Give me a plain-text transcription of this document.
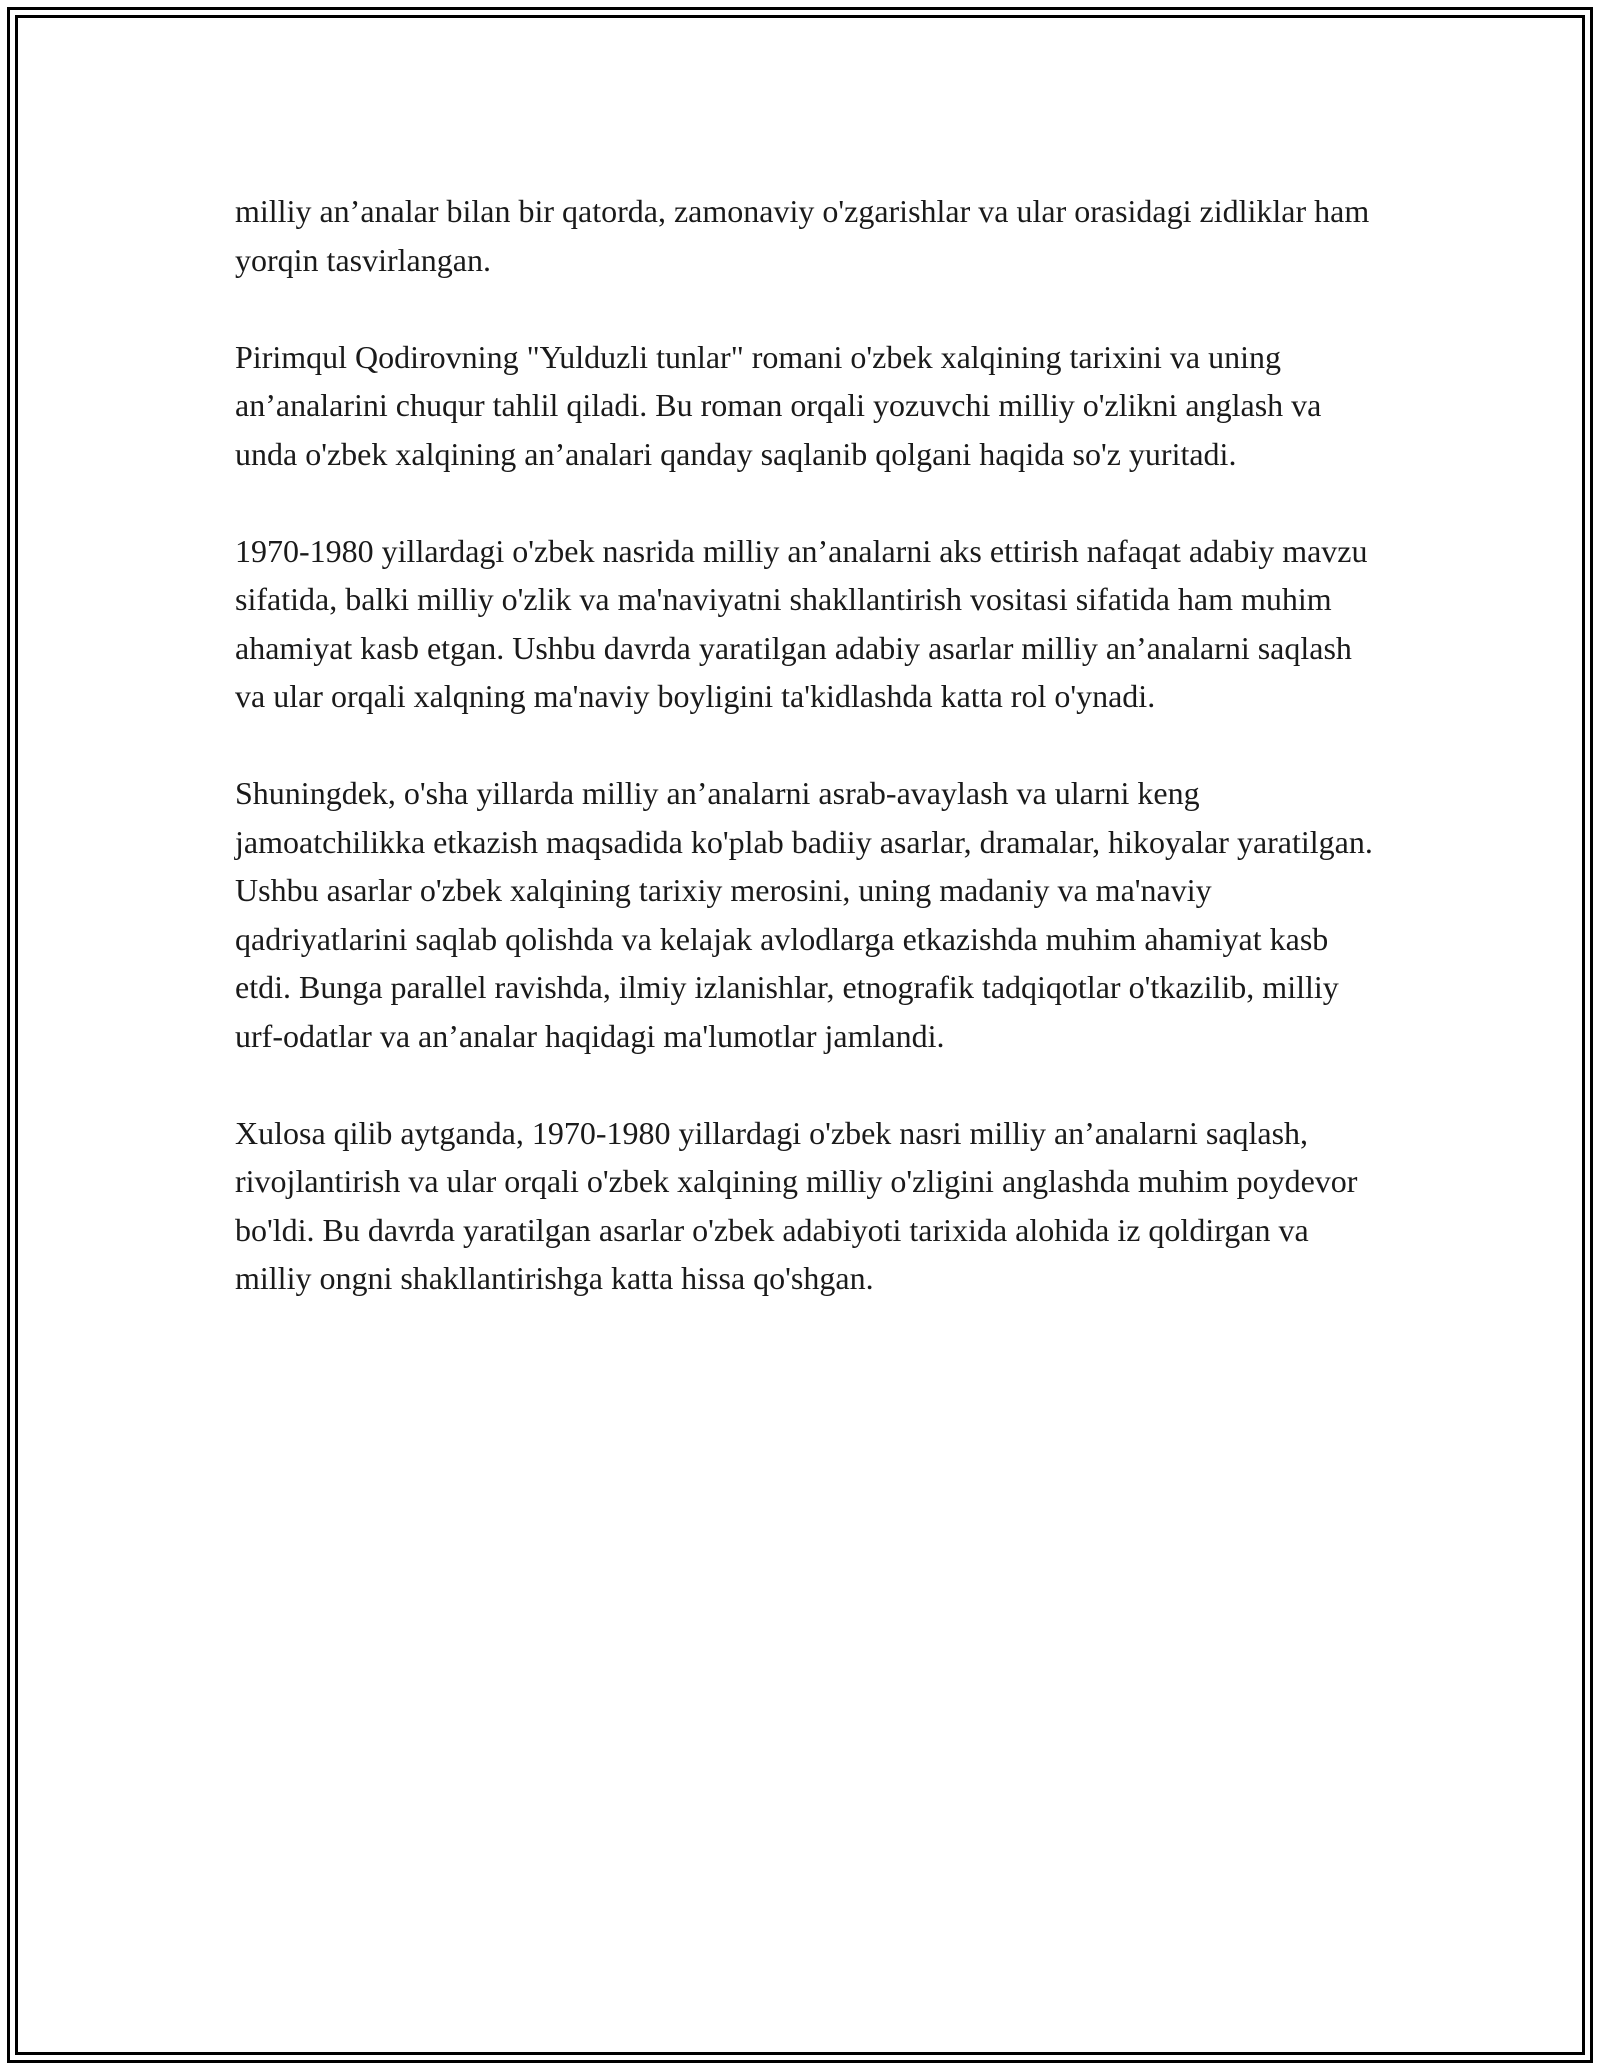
milliy an’analar bilan bir qatorda, zamonaviy o'zgarishlar va ular orasidagi zidliklar ham yorqin tasvirlangan.

Pirimqul Qodirovning "Yulduzli tunlar" romani o'zbek xalqining tarixini va uning an’analarini chuqur tahlil qiladi. Bu roman orqali yozuvchi milliy o'zlikni anglash va unda o'zbek xalqining an’analari qanday saqlanib qolgani haqida so'z yuritadi.

1970-1980 yillardagi o'zbek nasrida milliy an’analarni aks ettirish nafaqat adabiy mavzu sifatida, balki milliy o'zlik va ma'naviyatni shakllantirish vositasi sifatida ham muhim ahamiyat kasb etgan. Ushbu davrda yaratilgan adabiy asarlar milliy an’analarni saqlash va ular orqali xalqning ma'naviy boyligini ta'kidlashda katta rol o'ynadi.

Shuningdek, o'sha yillarda milliy an’analarni asrab-avaylash va ularni keng jamoatchilikka etkazish maqsadida ko'plab badiiy asarlar, dramalar, hikoyalar yaratilgan. Ushbu asarlar o'zbek xalqining tarixiy merosini, uning madaniy va ma'naviy qadriyatlarini saqlab qolishda va kelajak avlodlarga etkazishda muhim ahamiyat kasb etdi. Bunga parallel ravishda, ilmiy izlanishlar, etnografik tadqiqotlar o'tkazilib, milliy urf-odatlar va an’analar haqidagi ma'lumotlar jamlandi.

Xulosa qilib aytganda, 1970-1980 yillardagi o'zbek nasri milliy an’analarni saqlash, rivojlantirish va ular orqali o'zbek xalqining milliy o'zligini anglashda muhim poydevor bo'ldi. Bu davrda yaratilgan asarlar o'zbek adabiyoti tarixida alohida iz qoldirgan va milliy ongni shakllantirishga katta hissa qo'shgan.
